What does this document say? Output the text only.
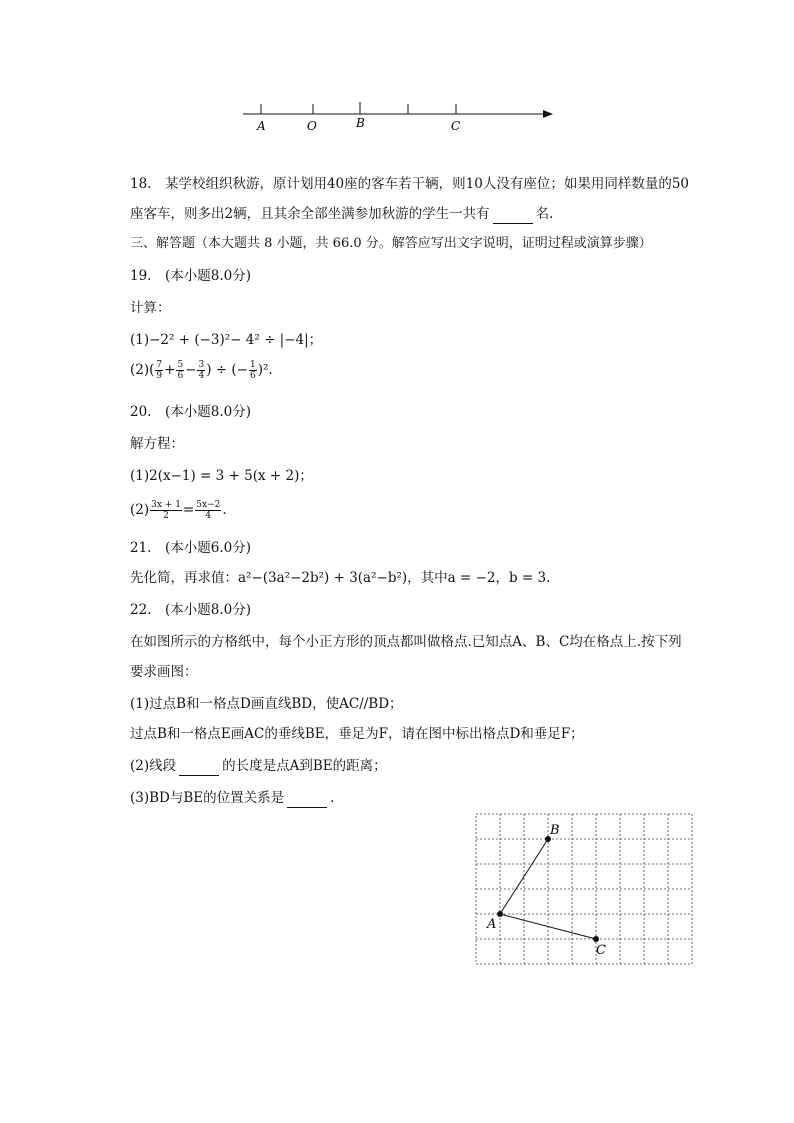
A	O	B	C
18.　某学校组织秋游，原计划用40座的客车若干辆，则10人没有座位；如果用同样数量的50
座客车，则多出2辆，且其余全部坐满参加秋游的学生一共有	名.
三、解答题（本大题共 8 小题，共 66.0 分。解答应写出文字说明，证明过程或演算步骤）
19.　(本小题8.0分)
计算：
(1)−2² + (−3)²− 4² ÷ |−4|；
$(2)( \frac{7}{9} + \frac{5}{6} - \frac{3}{4}$ ) ÷ (− $\frac{1}{6} )^2$.
20.　(本小题8.0分)
解方程：
(1)2(x−1) = 3 + 5(x + 2)；
$(2) \frac{3x + 1}{2} = \frac{5x-2}{4}$ .
21.　(本小题6.0分)
先化简，再求值：a²−(3a²−2b²) + 3(a²−b²)，其中a = −2，b = 3.
22.　(本小题8.0分)
在如图所示的方格纸中，每个小正方形的顶点都叫做格点.已知点A、B、C均在格点上.按下列
要求画图：
(1)过点B和一格点D画直线BD，使AC//BD；
过点B和一格点E画AC的垂线BE，垂足为F，请在图中标出格点D和垂足F；
(2)线段	的长度是点A到BE的距离；
(3)BD与BE的位置关系是	.
A
B
C
